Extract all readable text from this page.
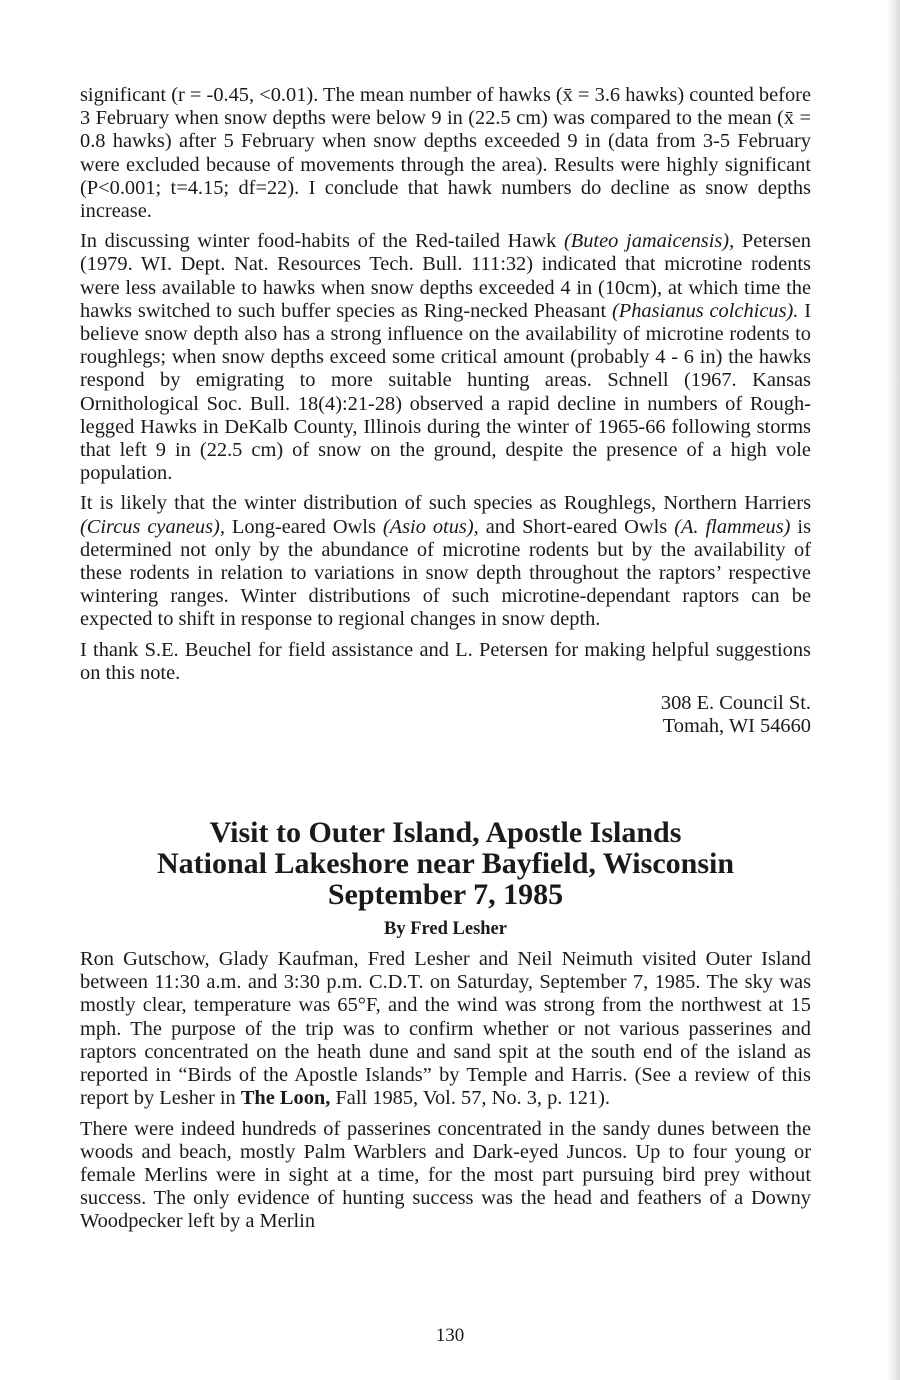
significant (r = -0.45, <0.01). The mean number of hawks (x̄ = 3.6 hawks) counted before 3 February when snow depths were below 9 in (22.5 cm) was compared to the mean (x̄ = 0.8 hawks) after 5 February when snow depths exceeded 9 in (data from 3-5 February were excluded because of movements through the area). Results were highly significant (P<0.001; t=4.15; df=22). I conclude that hawk numbers do decline as snow depths increase.

In discussing winter food-habits of the Red-tailed Hawk (Buteo jamaicensis), Petersen (1979. WI. Dept. Nat. Resources Tech. Bull. 111:32) indicated that microtine rodents were less available to hawks when snow depths exceeded 4 in (10cm), at which time the hawks switched to such buffer species as Ring-necked Pheasant (Phasianus colchicus). I believe snow depth also has a strong influence on the availability of microtine rodents to roughlegs; when snow depths exceed some critical amount (probably 4 - 6 in) the hawks respond by emigrating to more suitable hunting areas. Schnell (1967. Kansas Ornithological Soc. Bull. 18(4):21-28) observed a rapid decline in numbers of Rough-legged Hawks in DeKalb County, Illinois during the winter of 1965-66 following storms that left 9 in (22.5 cm) of snow on the ground, despite the presence of a high vole population.

It is likely that the winter distribution of such species as Roughlegs, Northern Harriers (Circus cyaneus), Long-eared Owls (Asio otus), and Short-eared Owls (A. flammeus) is determined not only by the abundance of microtine rodents but by the availability of these rodents in relation to variations in snow depth throughout the raptors’ respective wintering ranges. Winter distributions of such microtine-dependant raptors can be expected to shift in response to regional changes in snow depth.

I thank S.E. Beuchel for field assistance and L. Petersen for making helpful suggestions on this note.

308 E. Council St.
Tomah, WI 54660
Visit to Outer Island, Apostle Islands
National Lakeshore near Bayfield, Wisconsin
September 7, 1985
By Fred Lesher

Ron Gutschow, Glady Kaufman, Fred Lesher and Neil Neimuth visited Outer Island between 11:30 a.m. and 3:30 p.m. C.D.T. on Saturday, September 7, 1985. The sky was mostly clear, temperature was 65°F, and the wind was strong from the northwest at 15 mph. The purpose of the trip was to confirm whether or not various passerines and raptors concentrated on the heath dune and sand spit at the south end of the island as reported in “Birds of the Apostle Islands” by Temple and Harris. (See a review of this report by Lesher in The Loon, Fall 1985, Vol. 57, No. 3, p. 121).

There were indeed hundreds of passerines concentrated in the sandy dunes between the woods and beach, mostly Palm Warblers and Dark-eyed Juncos. Up to four young or female Merlins were in sight at a time, for the most part pursuing bird prey without success. The only evidence of hunting success was the head and feathers of a Downy Woodpecker left by a Merlin

130
